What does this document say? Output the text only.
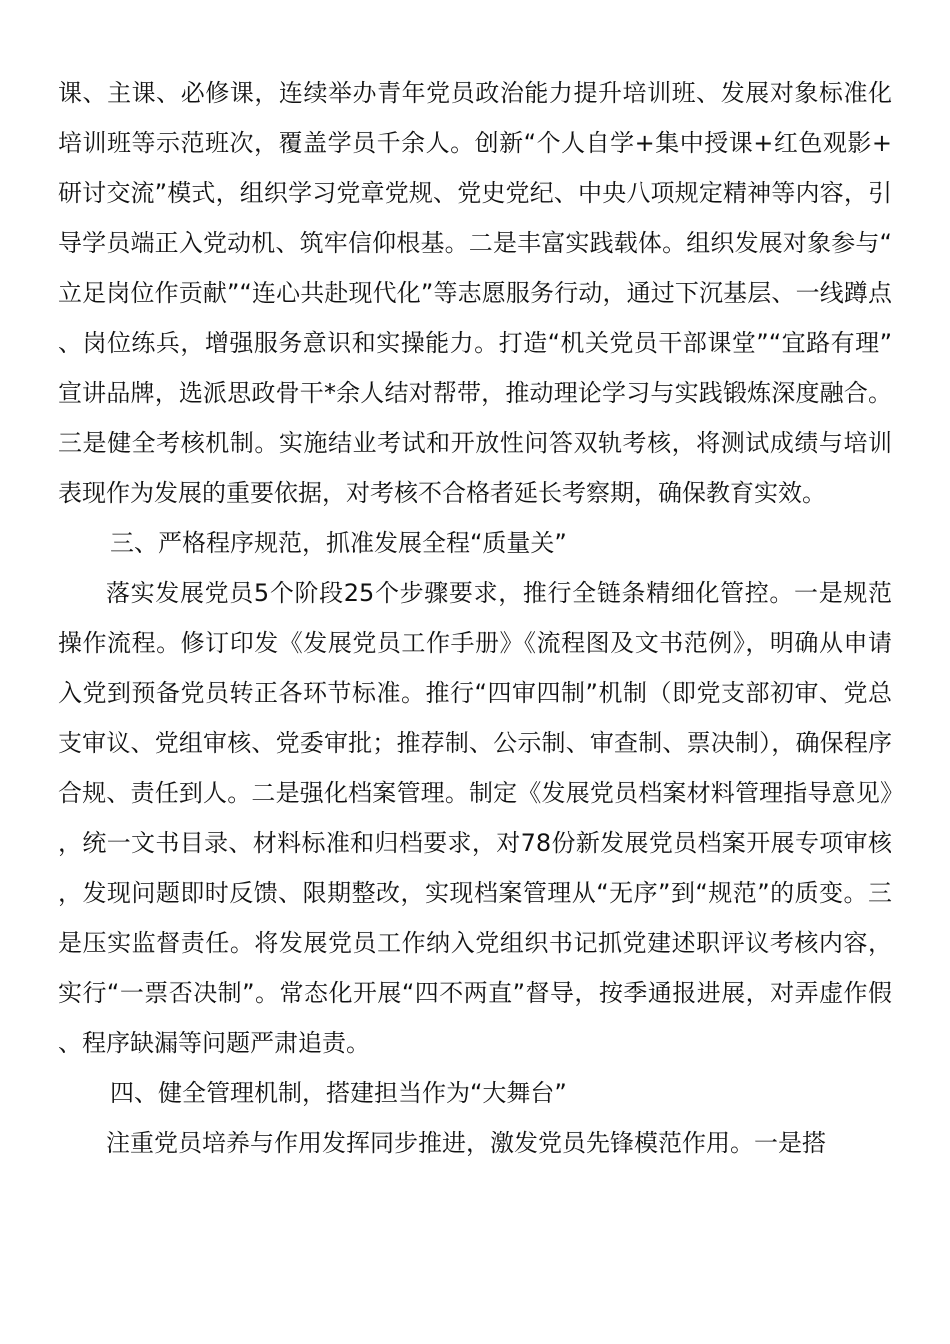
课、主课、必修课，连续举办青年党员政治能力提升培训班、发展对象标准化培训班等示范班次，覆盖学员千余人。创新“个人自学+集中授课+红色观影+研讨交流”模式，组织学习党章党规、党史党纪、中央八项规定精神等内容，引导学员端正入党动机、筑牢信仰根基。二是丰富实践载体。组织发展对象参与“立足岗位作贡献”“连心共赴现代化”等志愿服务行动，通过下沉基层、一线蹲点、岗位练兵，增强服务意识和实操能力。打造“机关党员干部课堂”“宜路有理”宣讲品牌，选派思政骨干*余人结对帮带，推动理论学习与实践锻炼深度融合。三是健全考核机制。实施结业考试和开放性问答双轨考核，将测试成绩与培训表现作为发展的重要依据，对考核不合格者延长考察期，确保教育实效。

三、严格程序规范，抓准发展全程“质量关”

落实发展党员5个阶段25个步骤要求，推行全链条精细化管控。一是规范操作流程。修订印发《发展党员工作手册》《流程图及文书范例》，明确从申请入党到预备党员转正各环节标准。推行“四审四制”机制（即党支部初审、党总支审议、党组审核、党委审批；推荐制、公示制、审查制、票决制），确保程序合规、责任到人。二是强化档案管理。制定《发展党员档案材料管理指导意见》，统一文书目录、材料标准和归档要求，对78份新发展党员档案开展专项审核，发现问题即时反馈、限期整改，实现档案管理从“无序”到“规范”的质变。三是压实监督责任。将发展党员工作纳入党组织书记抓党建述职评议考核内容，实行“一票否决制”。常态化开展“四不两直”督导，按季通报进展，对弄虚作假、程序缺漏等问题严肃追责。

四、健全管理机制，搭建担当作为“大舞台”

注重党员培养与作用发挥同步推进，激发党员先锋模范作用。一是搭
